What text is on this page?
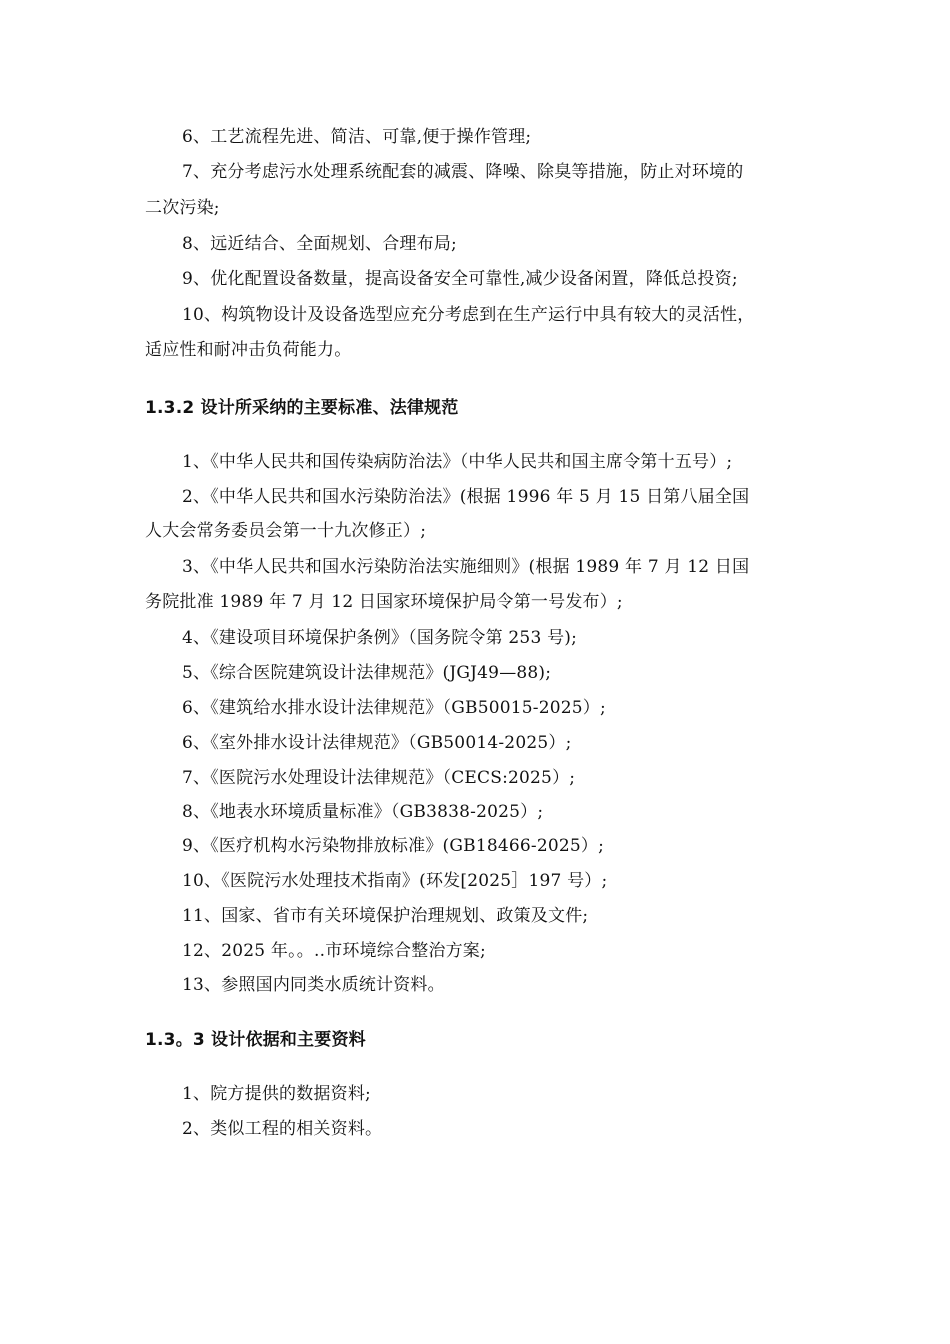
6、工艺流程先进、简洁、可靠,便于操作管理;
7、充分考虑污水处理系统配套的减震、降噪、除臭等措施，防止对环境的
二次污染;
8、远近结合、全面规划、合理布局;
9、优化配置设备数量，提高设备安全可靠性,减少设备闲置，降低总投资;
10、构筑物设计及设备选型应充分考虑到在生产运行中具有较大的灵活性，
适应性和耐冲击负荷能力。
1.3.2 设计所采纳的主要标准、法律规范
1、《中华人民共和国传染病防治法》（中华人民共和国主席令第十五号）;
2、《中华人民共和国水污染防治法》(根据 1996 年 5 月 15 日第八届全国
人大会常务委员会第一十九次修正）;
3、《中华人民共和国水污染防治法实施细则》(根据 1989 年 7 月 12 日国
务院批准 1989 年 7 月 12 日国家环境保护局令第一号发布）;
4、《建设项目环境保护条例》（国务院令第 253 号);
5、《综合医院建筑设计法律规范》(JGJ49—88);
6、《建筑给水排水设计法律规范》（GB50015-2025）;
6、《室外排水设计法律规范》（GB50014-2025）;
7、《医院污水处理设计法律规范》（CECS:2025）;
8、《地表水环境质量标准》（GB3838-2025）;
9、《医疗机构水污染物排放标准》(GB18466-2025）;
10、《医院污水处理技术指南》(环发[2025］197 号）;
11、国家、省市有关环境保护治理规划、政策及文件;
12、2025 年。。..市环境综合整治方案;
13、参照国内同类水质统计资料。
1.3。3 设计依据和主要资料
1、院方提供的数据资料;
2、类似工程的相关资料。
